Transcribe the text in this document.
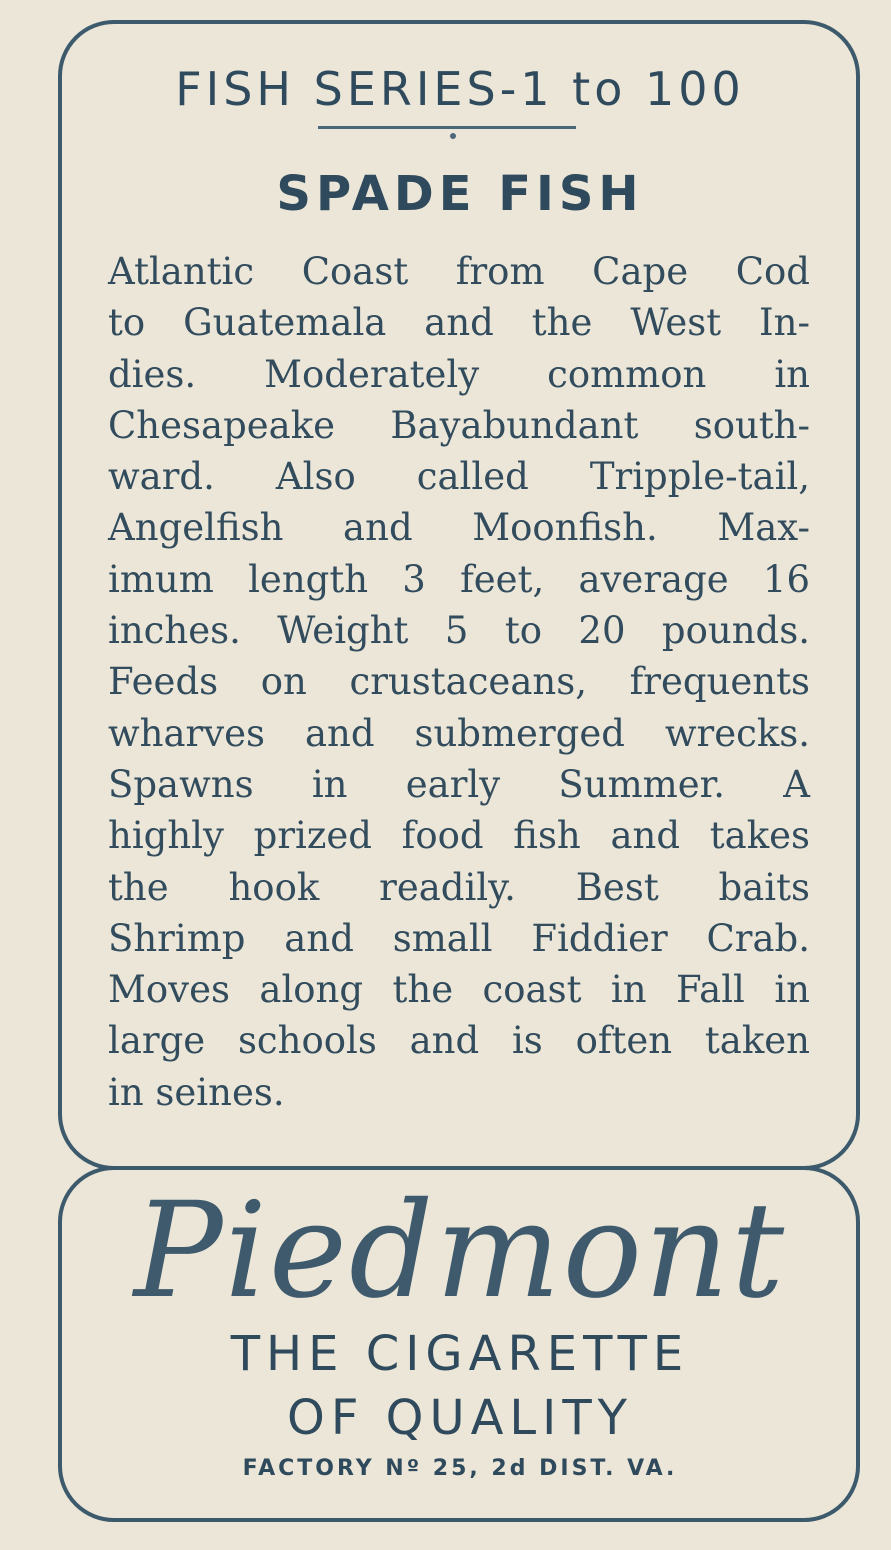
FISH SERIES-1 to 100
SPADE FISH
Atlantic Coast from Cape Cod
to Guatemala and the West In-
dies. Moderately common in
Chesapeake Bayabundant south-
ward. Also called Tripple-tail,
Angelfish and Moonfish. Max-
imum length 3 feet, average 16
inches. Weight 5 to 20 pounds.
Feeds on crustaceans, frequents
wharves and submerged wrecks.
Spawns in early Summer. A
highly prized food fish and takes
the hook readily. Best baits
Shrimp and small Fiddier Crab.
Moves along the coast in Fall in
large schools and is often taken
in seines.
Piedmont
THE CIGARETTE
OF QUALITY
FACTORY Nº 25, 2d DIST. VA.
